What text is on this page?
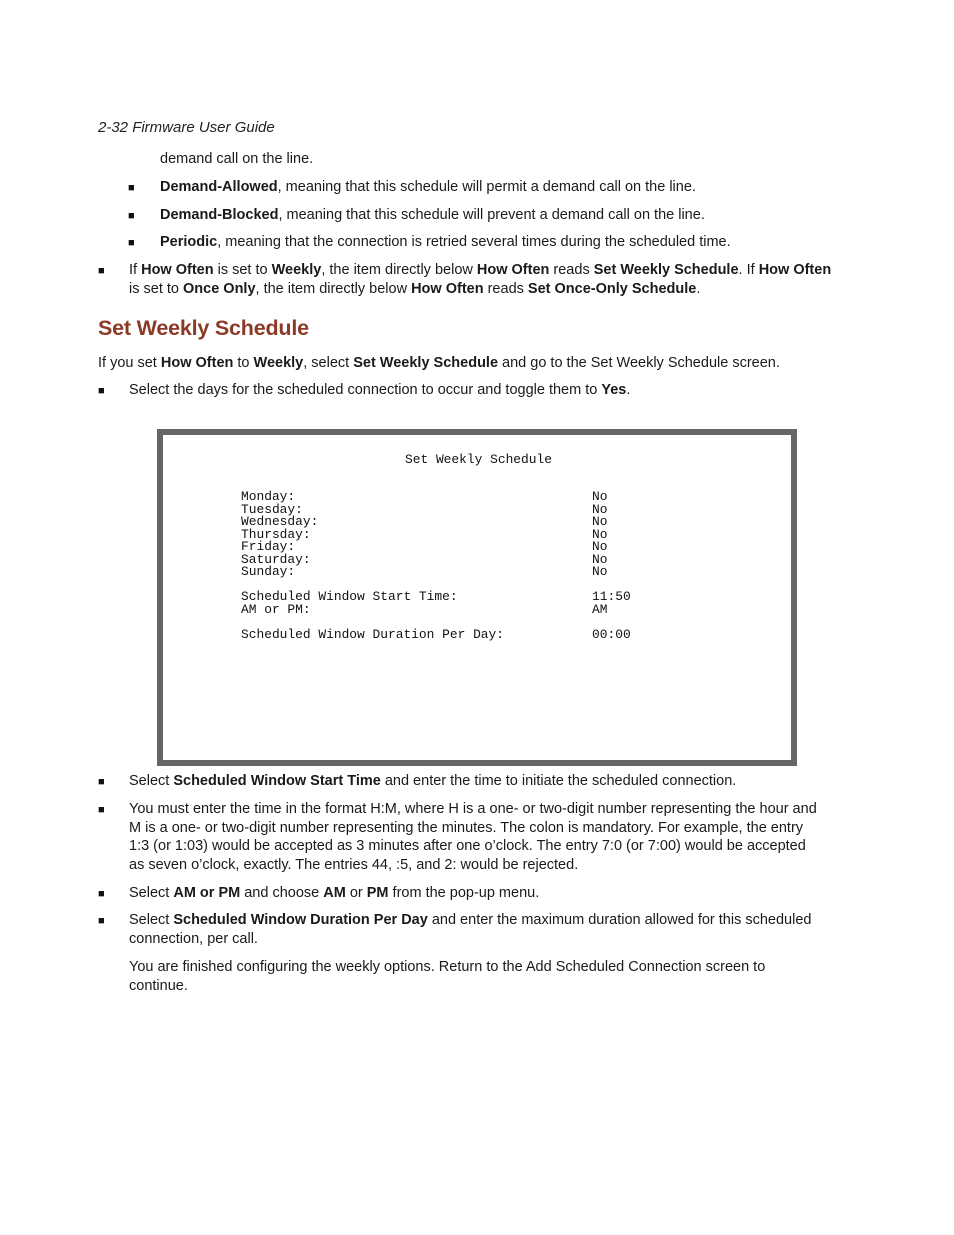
2-32 Firmware User Guide
demand call on the line.
■ Demand-Allowed, meaning that this schedule will permit a demand call on the line.
■ Demand-Blocked, meaning that this schedule will prevent a demand call on the line.
■ Periodic, meaning that the connection is retried several times during the scheduled time.
■ If How Often is set to Weekly, the item directly below How Often reads Set Weekly Schedule. If How Often
is set to Once Only, the item directly below How Often reads Set Once-Only Schedule.
Set Weekly Schedule
If you set How Often to Weekly, select Set Weekly Schedule and go to the Set Weekly Schedule screen.
■ Select the days for the scheduled connection to occur and toggle them to Yes.
Set Weekly Schedule
Monday:	No
Tuesday:	No
Wednesday:	No
Thursday:	No
Friday:	No
Saturday:	No
Sunday:	No
Scheduled Window Start Time:	11:50
AM or PM:	AM
Scheduled Window Duration Per Day:	00:00
■ Select Scheduled Window Start Time and enter the time to initiate the scheduled connection.
■ You must enter the time in the format H:M, where H is a one- or two-digit number representing the hour and
M is a one- or two-digit number representing the minutes. The colon is mandatory. For example, the entry
1:3 (or 1:03) would be accepted as 3 minutes after one o’clock. The entry 7:0 (or 7:00) would be accepted
as seven o’clock, exactly. The entries 44, :5, and 2: would be rejected.
■ Select AM or PM and choose AM or PM from the pop-up menu.
■ Select Scheduled Window Duration Per Day and enter the maximum duration allowed for this scheduled
connection, per call.
You are finished configuring the weekly options. Return to the Add Scheduled Connection screen to
continue.
